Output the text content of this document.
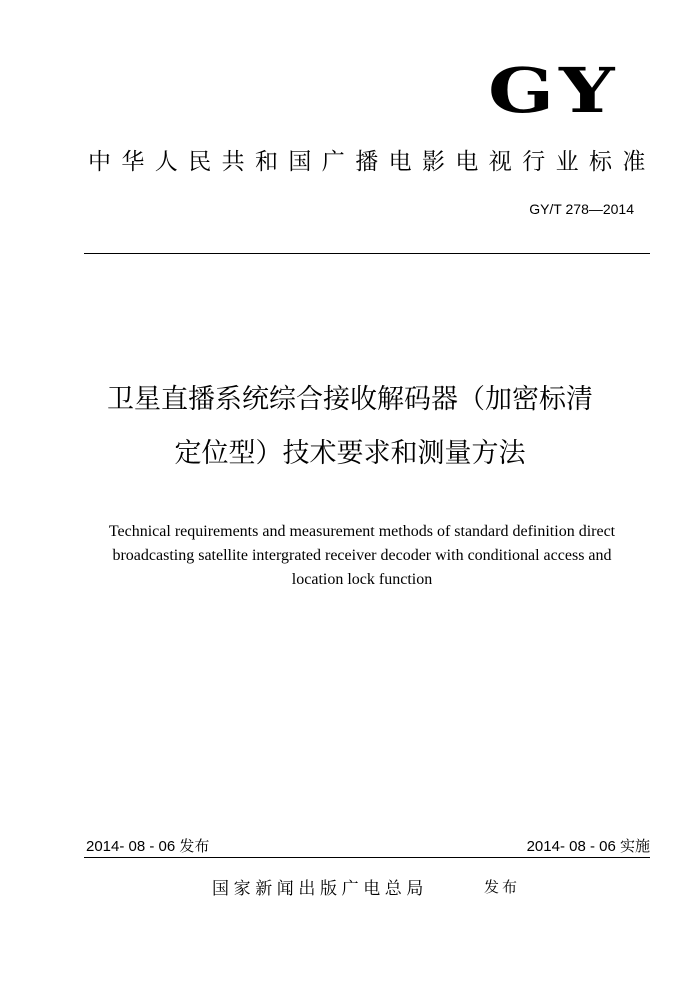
GY
中华人民共和国广播电影电视行业标准
GY/T 278—2014
卫星直播系统综合接收解码器（加密标清
定位型）技术要求和测量方法
Technical requirements and measurement methods of standard definition direct
broadcasting satellite intergrated receiver decoder with conditional access and
location lock function
2014- 08 - 06 发布	2014- 08 - 06 实施
国家新闻出版广电总局	发布
